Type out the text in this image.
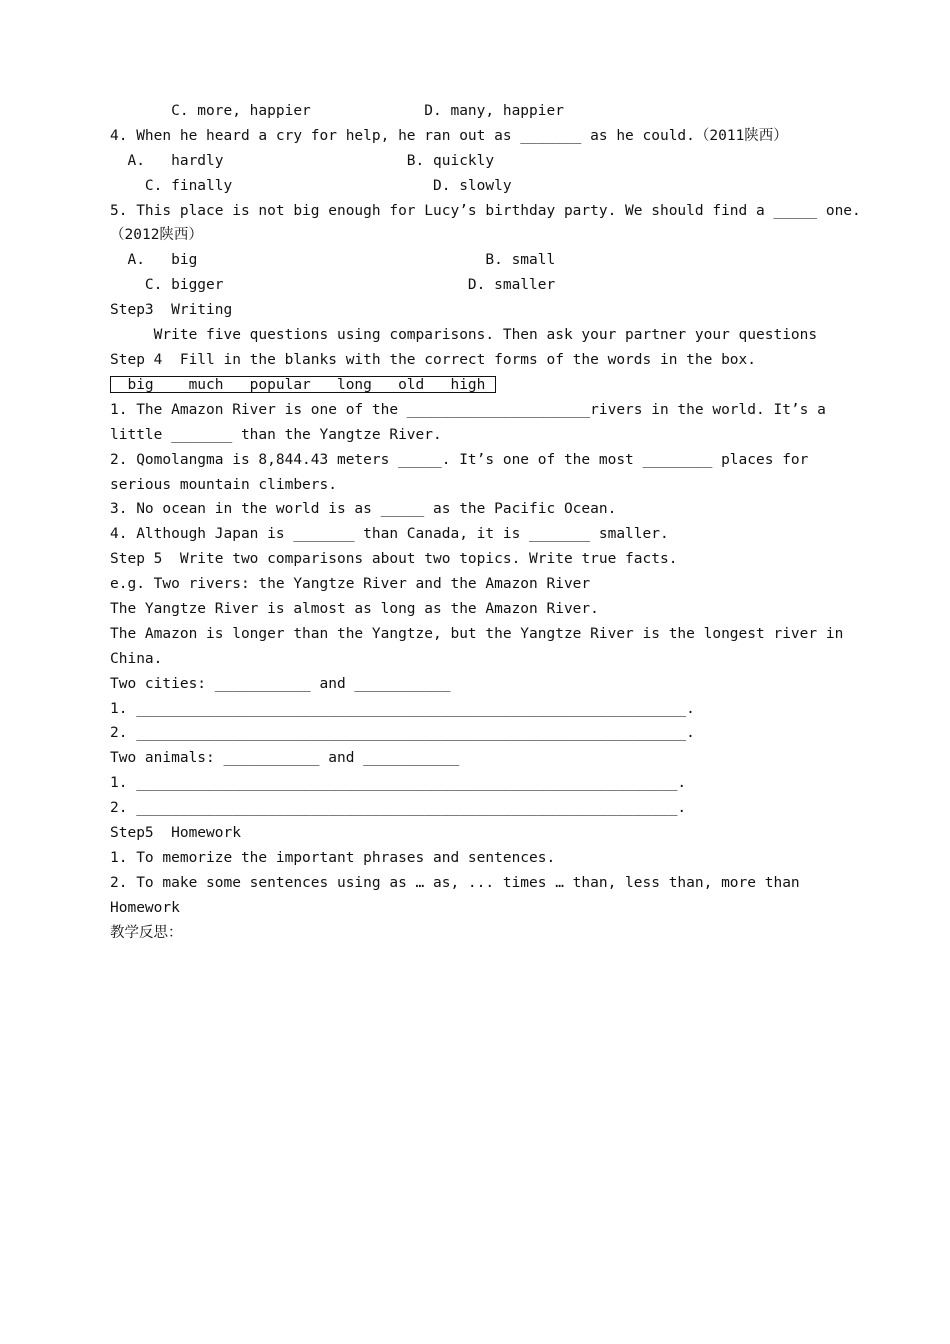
C. more, happier             D. many, happier
4. When he heard a cry for help, he ran out as _______ as he could.（2011陕西）
A.   hardly                     B. quickly
C. finally                       D. slowly
5. This place is not big enough for Lucy’s birthday party. We should find a _____ one.
（2012陕西）
A.   big                                 B. small
C. bigger                            D. smaller
Step3  Writing
Write five questions using comparisons. Then ask your partner your questions
Step 4  Fill in the blanks with the correct forms of the words in the box.
big    much   popular   long   old   high
1. The Amazon River is one of the _____________________rivers in the world. It’s a
little _______ than the Yangtze River.
2. Qomolangma is 8,844.43 meters _____. It’s one of the most ________ places for
serious mountain climbers.
3. No ocean in the world is as _____ as the Pacific Ocean.
4. Although Japan is _______ than Canada, it is _______ smaller.
Step 5  Write two comparisons about two topics. Write true facts.
e.g. Two rivers: the Yangtze River and the Amazon River
The Yangtze River is almost as long as the Amazon River.
The Amazon is longer than the Yangtze, but the Yangtze River is the longest river in
China.
Two cities: ___________ and ___________
1. _______________________________________________________________.
2. _______________________________________________________________.
Two animals: ___________ and ___________
1. ______________________________________________________________.
2. ______________________________________________________________.
Step5  Homework
1. To memorize the important phrases and sentences.
2. To make some sentences using as … as, ... times … than, less than, more than
Homework
教学反思：
